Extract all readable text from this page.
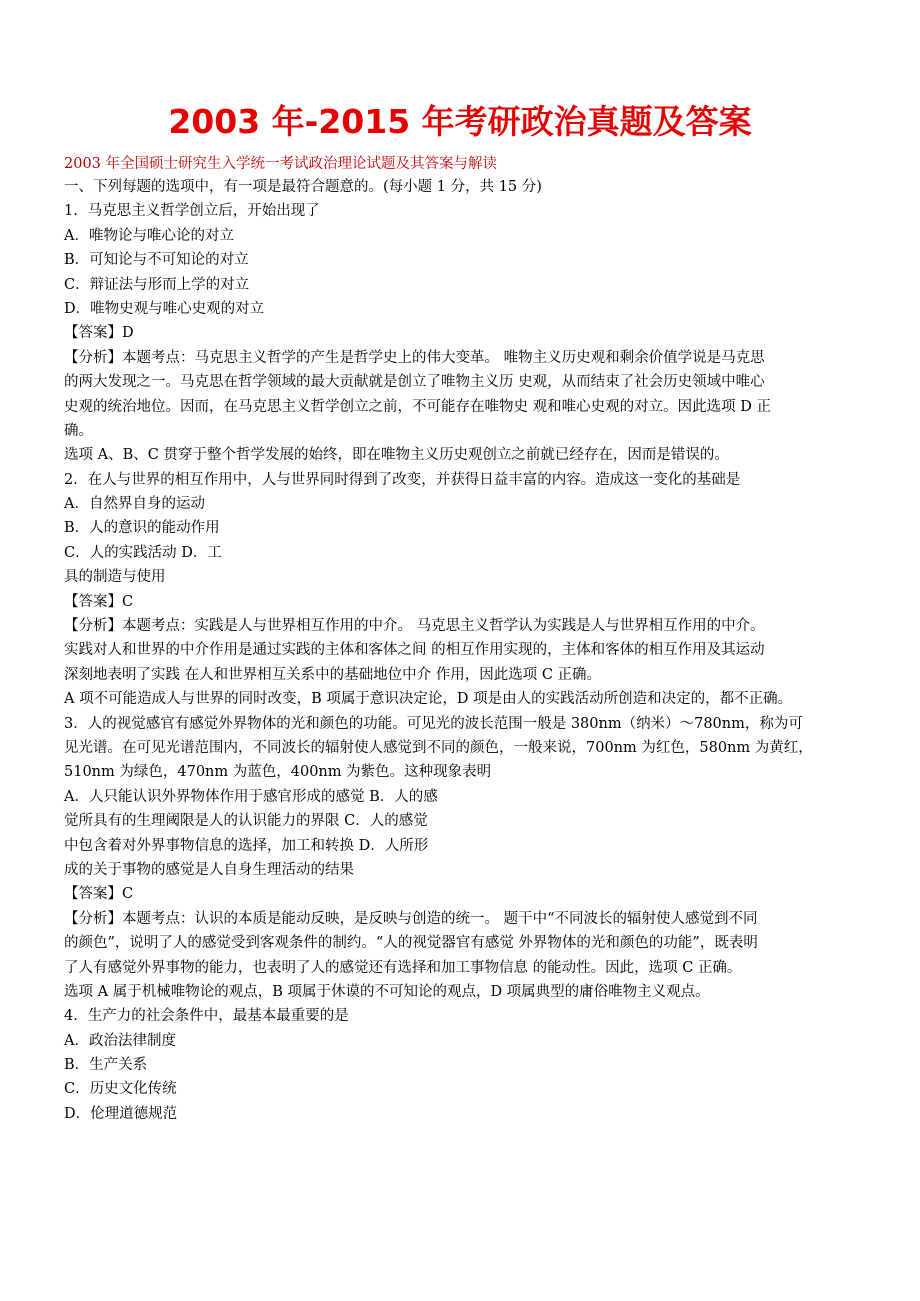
2003 年-2015 年考研政治真题及答案
2003 年全国硕士研究生入学统一考试政治理论试题及其答案与解读
一、下列每题的选项中，有一项是最符合题意的。(每小题 1 分，共 15 分)
1．马克思主义哲学创立后，开始出现了
A．唯物论与唯心论的对立
B．可知论与不可知论的对立
C．辩证法与形而上学的对立
D．唯物史观与唯心史观的对立
【答案】D
【分析】本题考点：马克思主义哲学的产生是哲学史上的伟大变革。 唯物主义历史观和剩余价值学说是马克思
的两大发现之一。马克思在哲学领域的最大贡献就是创立了唯物主义历 史观，从而结束了社会历史领域中唯心
史观的统治地位。因而，在马克思主义哲学创立之前，不可能存在唯物史 观和唯心史观的对立。因此选项 D 正
确。
选项 A、B、C 贯穿于整个哲学发展的始终，即在唯物主义历史观创立之前就已经存在，因而是错误的。
2．在人与世界的相互作用中，人与世界同时得到了改变，并获得日益丰富的内容。造成这一变化的基础是
A．自然界自身的运动
B．人的意识的能动作用
C．人的实践活动 D．工
具的制造与使用
【答案】C
【分析】本题考点：实践是人与世界相互作用的中介。 马克思主义哲学认为实践是人与世界相互作用的中介。
实践对人和世界的中介作用是通过实践的主体和客体之间 的相互作用实现的，主体和客体的相互作用及其运动
深刻地表明了实践 在人和世界相互关系中的基础地位中介 作用，因此选项 C 正确。
A 项不可能造成人与世界的同时改变，B 项属于意识决定论，D 项是由人的实践活动所创造和决定的，都不正确。
3．人的视觉感官有感觉外界物体的光和颜色的功能。可见光的波长范围一般是 380nm（纳米）～780nm，称为可
见光谱。在可见光谱范围内，不同波长的辐射使人感觉到不同的颜色，一般来说，700nm 为红色，580nm 为黄红，
510nm 为绿色，470nm 为蓝色，400nm 为紫色。这种现象表明
A．人只能认识外界物体作用于感官形成的感觉 B．人的感
觉所具有的生理阈限是人的认识能力的界限 C．人的感觉
中包含着对外界事物信息的选择，加工和转换 D．人所形
成的关于事物的感觉是人自身生理活动的结果
【答案】C
【分析】本题考点：认识的本质是能动反映，是反映与创造的统一。 题干中“不同波长的辐射使人感觉到不同
的颜色”，说明了人的感觉受到客观条件的制约。“人的视觉器官有感觉 外界物体的光和颜色的功能”，既表明
了人有感觉外界事物的能力，也表明了人的感觉还有选择和加工事物信息 的能动性。因此，选项 C 正确。
选项 A 属于机械唯物论的观点，B 项属于休谟的不可知论的观点，D 项属典型的庸俗唯物主义观点。
4．生产力的社会条件中，最基本最重要的是
A．政治法律制度
B．生产关系
C．历史文化传统
D．伦理道德规范
